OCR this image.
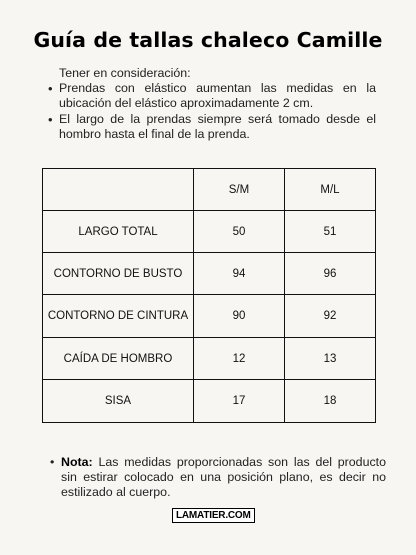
Guía de tallas chaleco Camille
Tener en consideración:
• Prendas con elástico aumentan las medidas en la ubicación del elástico aproximadamente 2 cm.
• El largo de la prendas siempre será tomado desde el hombro hasta el final de la prenda.
	S/M	M/L
LARGO TOTAL	50	51
CONTORNO DE BUSTO	94	96
CONTORNO DE CINTURA	90	92
CAÍDA DE HOMBRO	12	13
SISA	17	18
• Nota: Las medidas proporcionadas son las del producto sin estirar colocado en una posición plano, es decir no estilizado al cuerpo.
LAMATIER.COM
